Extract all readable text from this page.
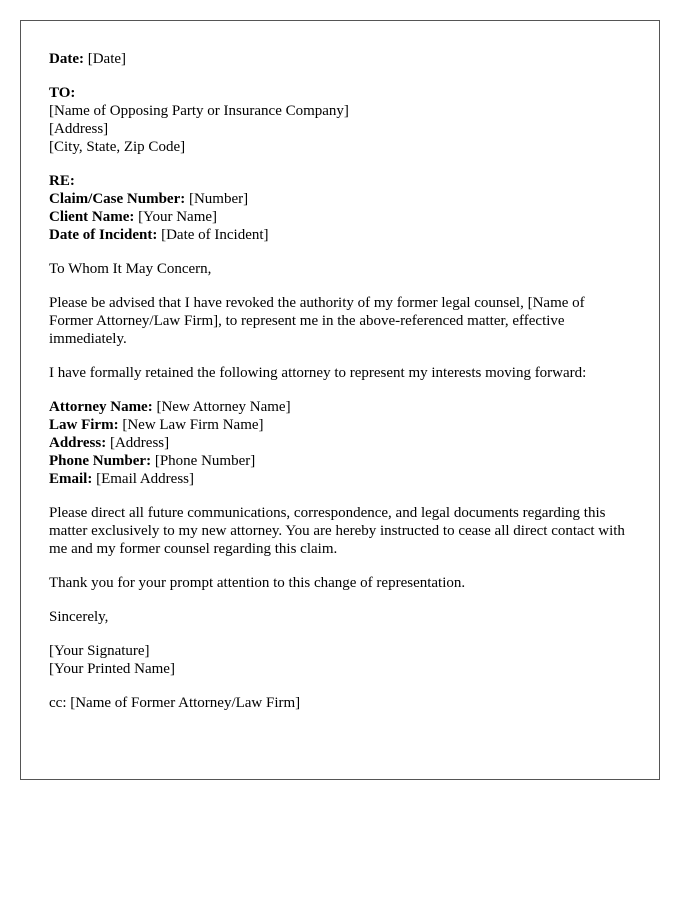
Date: [Date]
TO:
[Name of Opposing Party or Insurance Company]
[Address]
[City, State, Zip Code]
RE:
Claim/Case Number: [Number]
Client Name: [Your Name]
Date of Incident: [Date of Incident]
To Whom It May Concern,
Please be advised that I have revoked the authority of my former legal counsel, [Name of Former Attorney/Law Firm], to represent me in the above-referenced matter, effective immediately.
I have formally retained the following attorney to represent my interests moving forward:
Attorney Name: [New Attorney Name]
Law Firm: [New Law Firm Name]
Address: [Address]
Phone Number: [Phone Number]
Email: [Email Address]
Please direct all future communications, correspondence, and legal documents regarding this matter exclusively to my new attorney. You are hereby instructed to cease all direct contact with me and my former counsel regarding this claim.
Thank you for your prompt attention to this change of representation.
Sincerely,
[Your Signature]
[Your Printed Name]
cc: [Name of Former Attorney/Law Firm]
